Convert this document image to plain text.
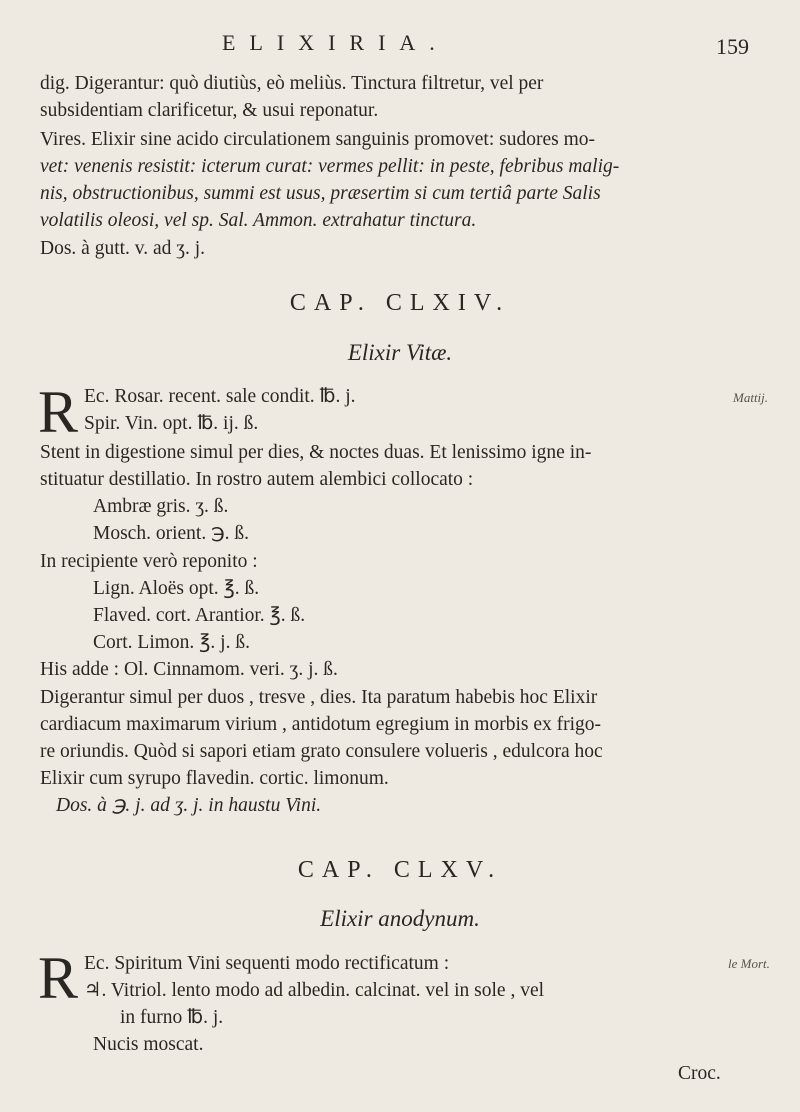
ELIXIRIA.	159
dig. Digerantur: quò diutiùs, eò meliùs. Tinctura filtretur, vel per
subsidentiam clarificetur, & usui reponatur.
Vires. Elixir sine acido circulationem sanguinis promovet: sudores mo-
vet: venenis resistit: icterum curat: vermes pellit: in peste, febribus malig-
nis, obstructionibus, summi est usus, præsertim si cum tertiâ parte Salis
volatilis oleosi, vel sp. Sal. Ammon. extrahatur tinctura.
Dos. à gutt. v. ad ʒ. j.
CAP. CLXIV.
Elixir Vitæ.
R	Mattij.
Ec. Rosar. recent. sale condit. ℔. j.
Spir. Vin. opt. ℔. ij. ß.
Stent in digestione simul per dies, & noctes duas. Et lenissimo igne in-
stituatur destillatio. In rostro autem alembici collocato :
Ambræ gris. ʒ. ß.
Mosch. orient. ℈. ß.
In recipiente verò reponito :
Lign. Aloës opt. ℥. ß.
Flaved. cort. Arantior. ℥. ß.
Cort. Limon. ℥. j. ß.
His adde : Ol. Cinnamom. veri. ʒ. j. ß.
Digerantur simul per duos , tresve , dies. Ita paratum habebis hoc Elixir
cardiacum maximarum virium , antidotum egregium in morbis ex frigo-
re oriundis. Quòd si sapori etiam grato consulere volueris , edulcora hoc
Elixir cum syrupo flavedin. cortic. limonum.
Dos. à ℈. j. ad ʒ. j. in haustu Vini.
CAP. CLXV.
Elixir anodynum.
R	le Mort.
Ec. Spiritum Vini sequenti modo rectificatum :
♃. Vitriol. lento modo ad albedin. calcinat. vel in sole , vel
in furno ℔. j.
Nucis moscat.
Croc.
